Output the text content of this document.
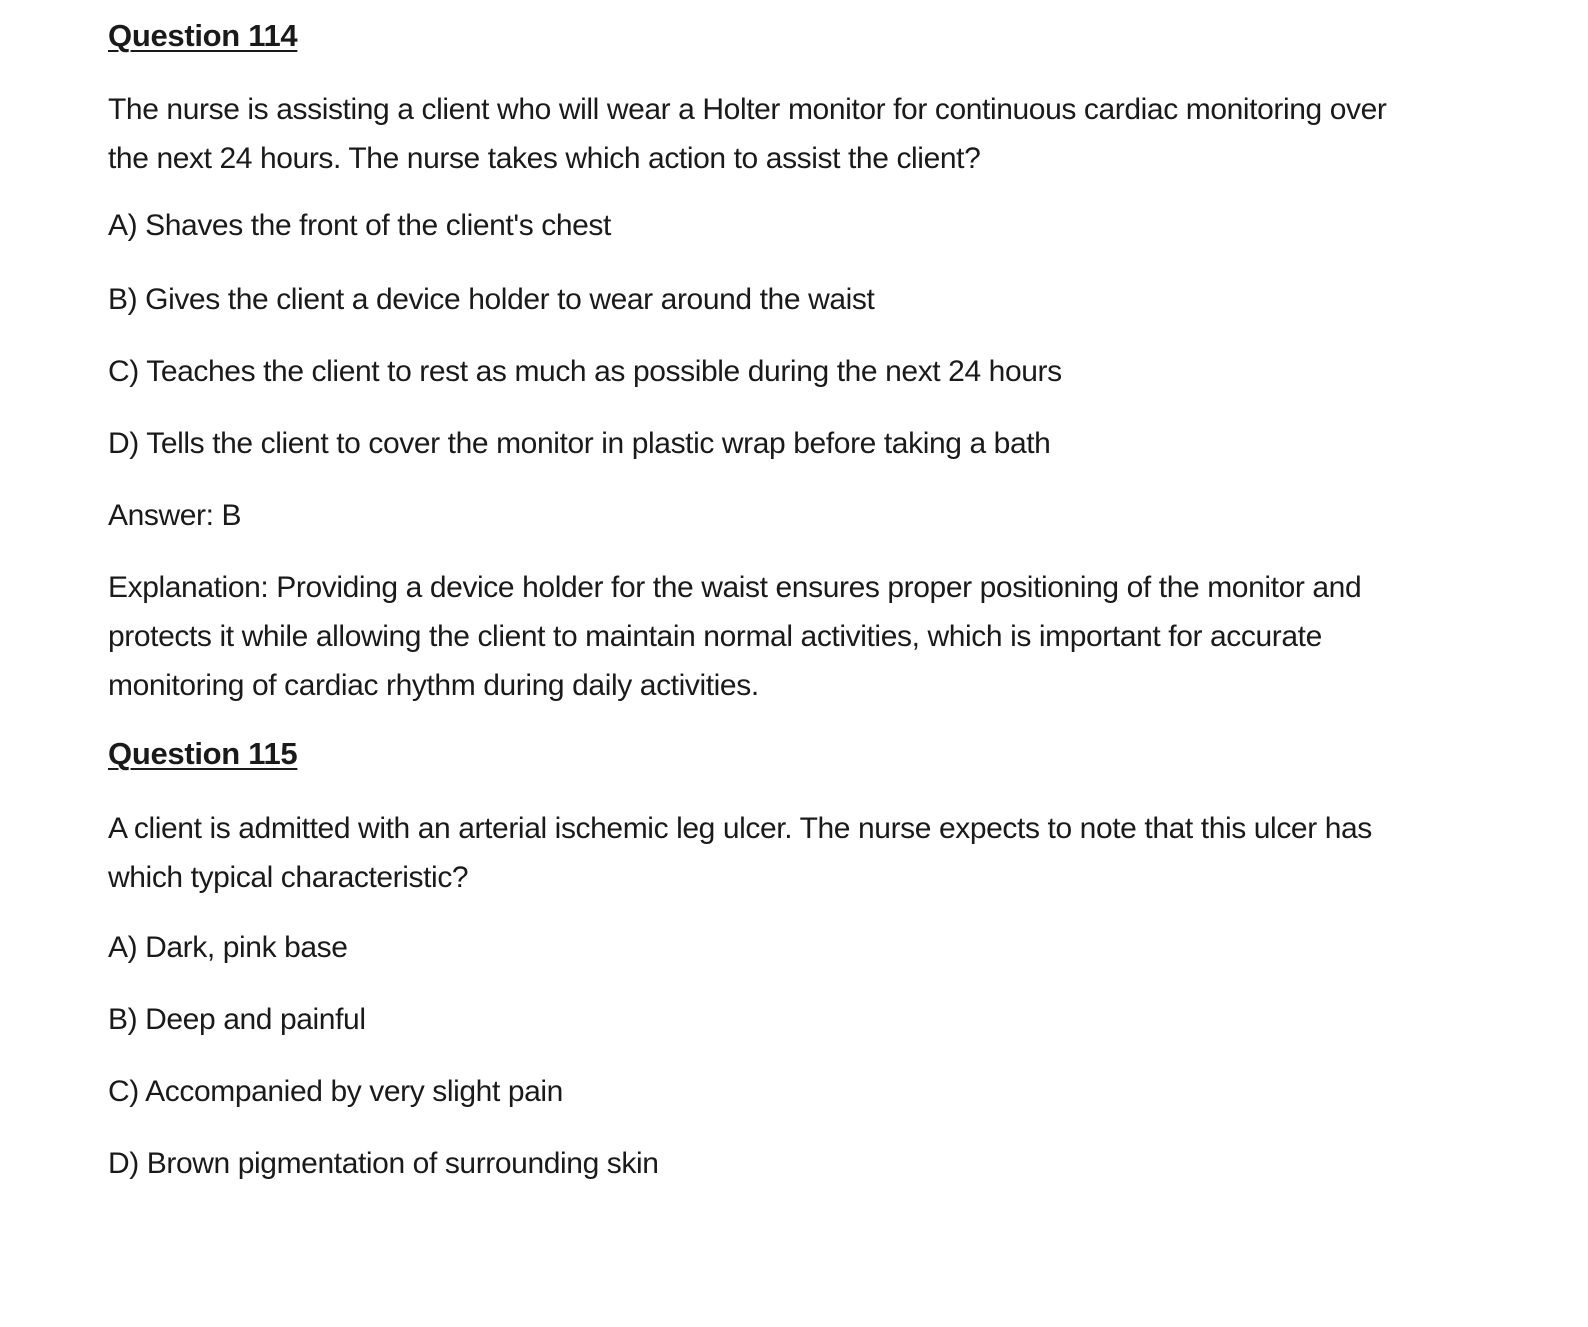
Question 114
The nurse is assisting a client who will wear a Holter monitor for continuous cardiac monitoring over the next 24 hours. The nurse takes which action to assist the client?
A) Shaves the front of the client's chest
B) Gives the client a device holder to wear around the waist
C) Teaches the client to rest as much as possible during the next 24 hours
D) Tells the client to cover the monitor in plastic wrap before taking a bath
Answer: B
Explanation: Providing a device holder for the waist ensures proper positioning of the monitor and protects it while allowing the client to maintain normal activities, which is important for accurate monitoring of cardiac rhythm during daily activities.
Question 115
A client is admitted with an arterial ischemic leg ulcer. The nurse expects to note that this ulcer has which typical characteristic?
A) Dark, pink base
B) Deep and painful
C) Accompanied by very slight pain
D) Brown pigmentation of surrounding skin
